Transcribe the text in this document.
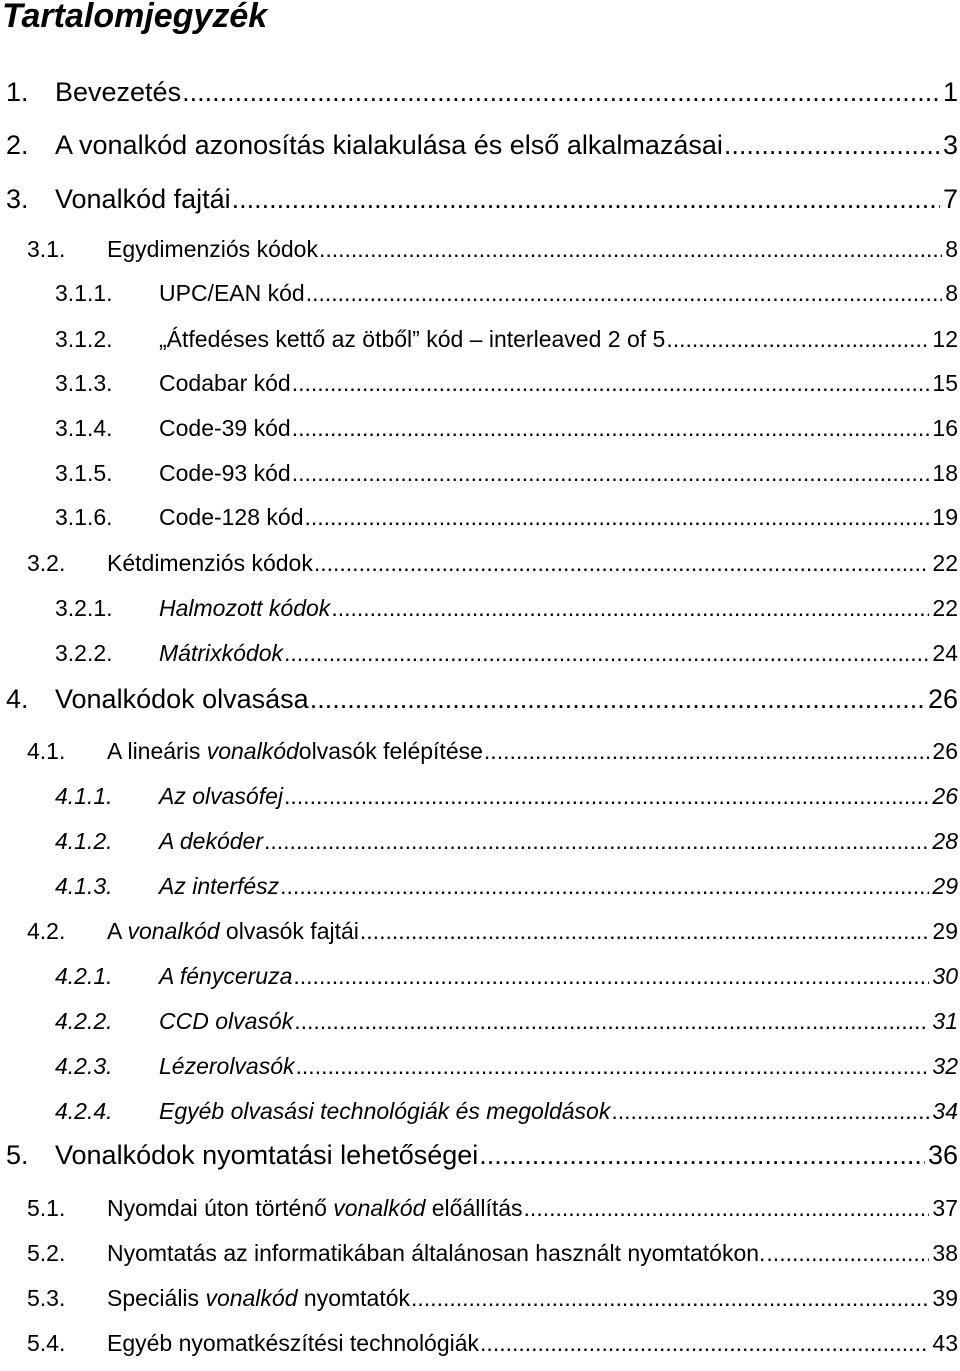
Tartalomjegyzék
1. Bevezetés .....	1
2. A vonalkód azonosítás kialakulása és első alkalmazásai .....	3
3. Vonalkód fajtái .....	7
3.1.	Egydimenziós kódok .....	8
3.1.1.	UPC/EAN kód .....	8
3.1.2.	„Átfedéses kettő az ötből” kód – interleaved 2 of 5 .....	12
3.1.3.	Codabar kód .....	15
3.1.4.	Code-39 kód .....	16
3.1.5.	Code-93 kód .....	18
3.1.6.	Code-128 kód .....	19
3.2.	Kétdimenziós kódok .....	22
3.2.1.	Halmozott kódok .....	22
3.2.2.	Mátrixkódok .....	24
4. Vonalkódok olvasása .....	26
4.1.	A lineáris vonalkódolvasók felépítése .....	26
4.1.1.	Az olvasófej .....	26
4.1.2.	A dekóder .....	28
4.1.3.	Az interfész .....	29
4.2.	A vonalkód olvasók fajtái .....	29
4.2.1.	A fényceruza .....	30
4.2.2.	CCD olvasók .....	31
4.2.3.	Lézerolvasók .....	32
4.2.4.	Egyéb olvasási technológiák és megoldások .....	34
5. Vonalkódok nyomtatási lehetőségei .....	36
5.1.	Nyomdai úton történő vonalkód előállítás .....	37
5.2.	Nyomtatás az informatikában általánosan használt nyomtatókon. .....	38
5.3.	Speciális vonalkód nyomtatók .....	39
5.4.	Egyéb nyomatkészítési technológiák .....	43
